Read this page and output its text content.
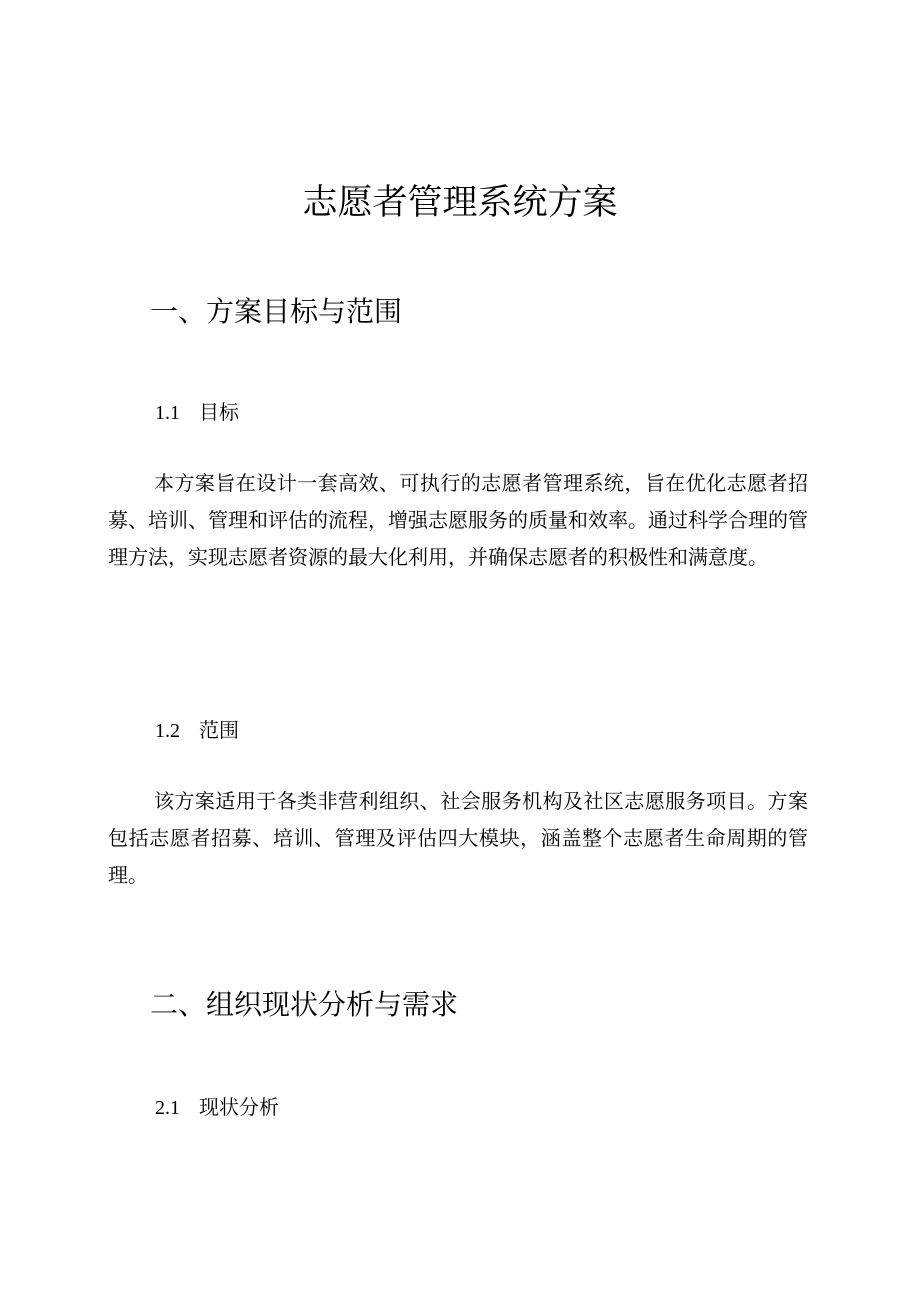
志愿者管理系统方案
一、方案目标与范围
1.1 目标

本方案旨在设计一套高效、可执行的志愿者管理系统，旨在优化志愿者招募、培训、管理和评估的流程，增强志愿服务的质量和效率。通过科学合理的管理方法，实现志愿者资源的最大化利用，并确保志愿者的积极性和满意度。

1.2 范围

该方案适用于各类非营利组织、社会服务机构及社区志愿服务项目。方案包括志愿者招募、培训、管理及评估四大模块，涵盖整个志愿者生命周期的管理。

二、组织现状分析与需求
2.1 现状分析
